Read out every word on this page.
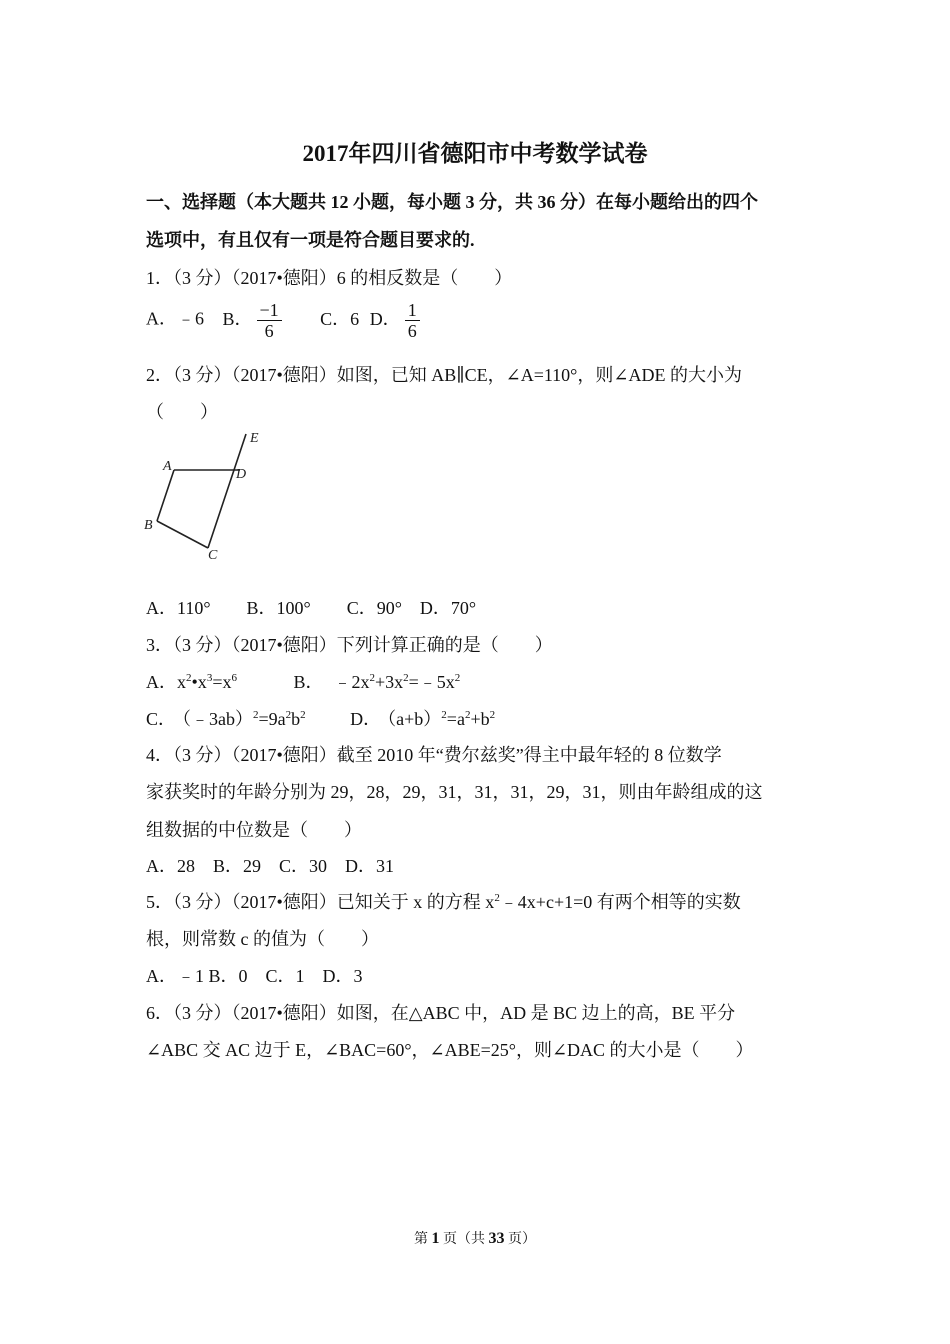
2017年四川省德阳市中考数学试卷
一、选择题（本大题共 12 小题，每小题 3 分，共 36 分）在每小题给出的四个
选项中，有且仅有一项是符合题目要求的.
1．（3 分）（2017•德阳）6 的相反数是（　　）
A．﹣6 B． $\frac{-1}{6}$ C．6 D． $\frac{1}{6}$
2．（3 分）（2017•德阳）如图，已知 AB∥CE，∠A=110°，则∠ADE 的大小为
（　　）
A
B
C
D
E
A．110°　　B．100°　　C．90°　D．70°
3．（3 分）（2017•德阳）下列计算正确的是（　　）
A．$x^2•x^3=x^6$	B． $﹣2x^2+3x^2=﹣5x^2$
C． $(﹣3ab)^2=9a^2b^2$ D． $(a+b)^2=a^2+b^2$
4．（3 分）（2017•德阳）截至 2010 年“费尔兹奖”得主中最年轻的 8 位数学
家获奖时的年龄分别为 29，28，29，31，31，31，29，31，则由年龄组成的这
组数据的中位数是（　　）
A．28　B．29　C．30　D．31
5．（3 分）（2017•德阳）已知关于 x 的方程 $x^2﹣4x+c+1=0$ 有两个相等的实数
根，则常数 c 的值为（　　）
A．﹣1 B．0　C．1　D．3
6．（3 分）（2017•德阳）如图，在△ABC 中，AD 是 BC 边上的高，BE 平分
∠ABC 交 AC 边于 E，∠BAC=60°，∠ABE=25°，则∠DAC 的大小是（　　）
第 1 页（共 33 页）
